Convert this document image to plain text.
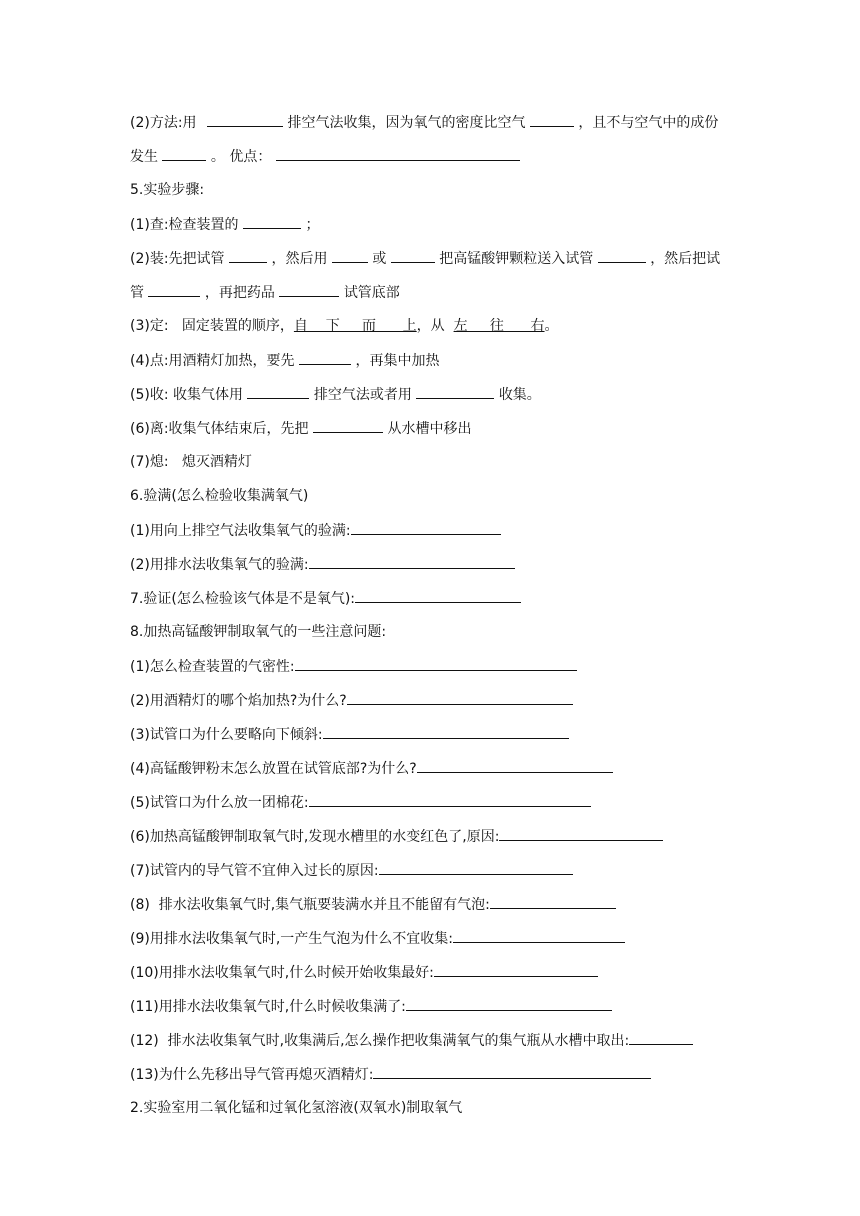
(2)方法:用	排空气法收集，因为氧气的密度比空气	，且不与空气中的成份
发生	。 优点：
5.实验步骤:
(1)查:检查装置的	；
(2)装:先把试管	，然后用	或	把高锰酸钾颗粒送入试管	，然后把试
管	，再把药品	试管底部
(3)定:   固定装置的顺序，自    下     而      上，从  左     往      右。
(4)点:用酒精灯加热，要先	，再集中加热
(5)收: 收集气体用	排空气法或者用	收集。
(6)离:收集气体结束后，先把	从水槽中移出
(7)熄:   熄灭酒精灯
6.验满(怎么检验收集满氧气)
(1)用向上排空气法收集氧气的验满:
(2)用排水法收集氧气的验满:
7.验证(怎么检验该气体是不是氧气):
8.加热高锰酸钾制取氧气的一些注意问题:
(1)怎么检查装置的气密性:
(2)用酒精灯的哪个焰加热?为什么?
(3)试管口为什么要略向下倾斜:
(4)高锰酸钾粉末怎么放置在试管底部?为什么?
(5)试管口为什么放一团棉花:
(6)加热高锰酸钾制取氧气时,发现水槽里的水变红色了,原因:
(7)试管内的导气管不宜伸入过长的原因:
(8)  排水法收集氧气时,集气瓶要装满水并且不能留有气泡:
(9)用排水法收集氧气时,一产生气泡为什么不宜收集:
(10)用排水法收集氧气时,什么时候开始收集最好:
(11)用排水法收集氧气时,什么时候收集满了:
(12)  排水法收集氧气时,收集满后,怎么操作把收集满氧气的集气瓶从水槽中取出:
(13)为什么先移出导气管再熄灭酒精灯:
2.实验室用二氧化锰和过氧化氢溶液(双氧水)制取氧气
